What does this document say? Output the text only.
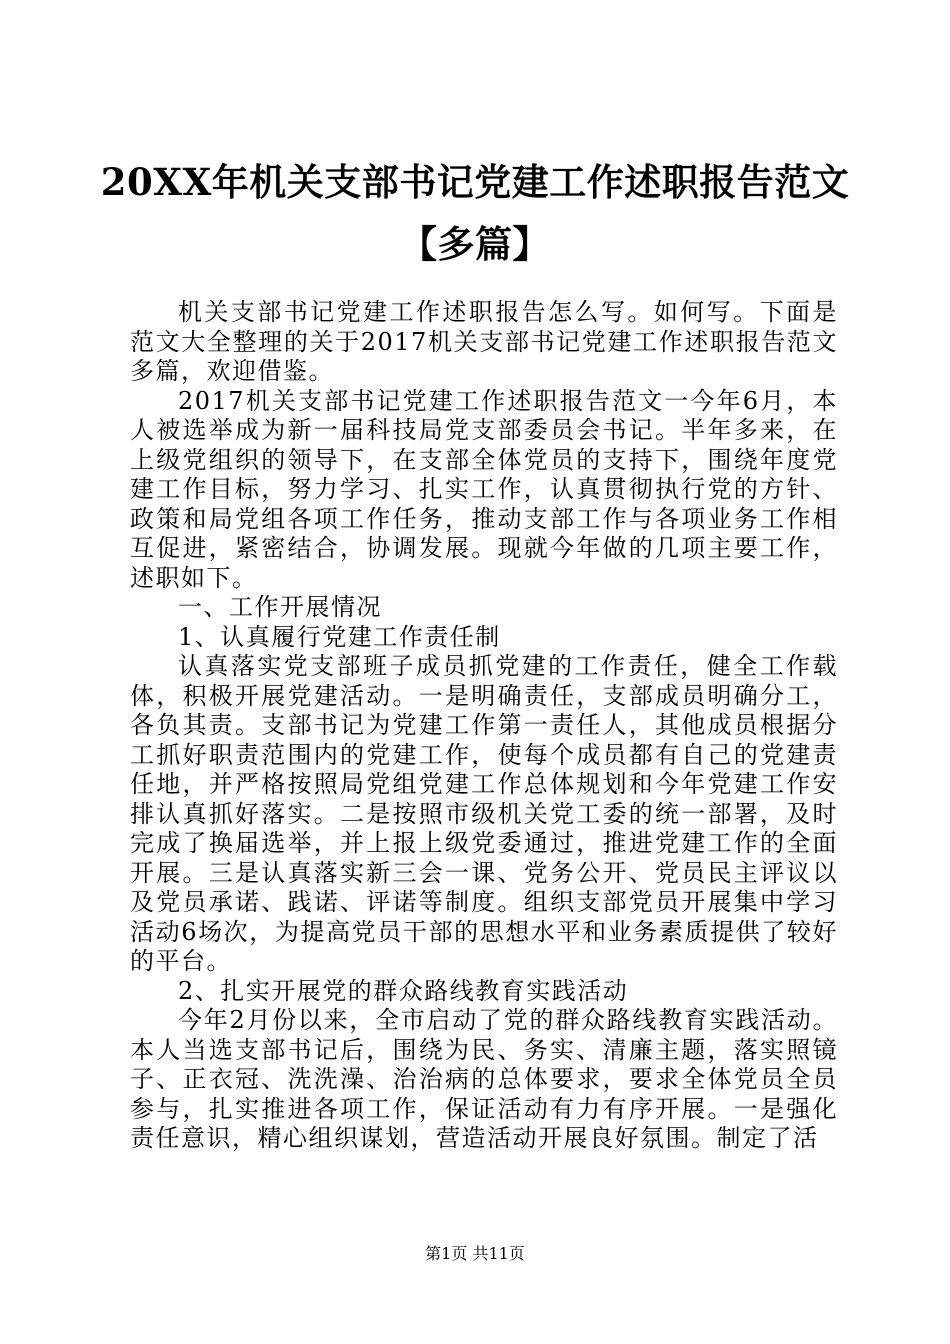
20XX年机关支部书记党建工作述职报告范文
【多篇】

机关支部书记党建工作述职报告怎么写。如何写。下面是范文大全整理的关于2017机关支部书记党建工作述职报告范文多篇，欢迎借鉴。

2017机关支部书记党建工作述职报告范文一今年6月，本人被选举成为新一届科技局党支部委员会书记。半年多来，在上级党组织的领导下，在支部全体党员的支持下，围绕年度党建工作目标，努力学习、扎实工作，认真贯彻执行党的方针、政策和局党组各项工作任务，推动支部工作与各项业务工作相互促进，紧密结合，协调发展。现就今年做的几项主要工作，述职如下。

一、工作开展情况

1、认真履行党建工作责任制

认真落实党支部班子成员抓党建的工作责任，健全工作载体，积极开展党建活动。一是明确责任，支部成员明确分工，各负其责。支部书记为党建工作第一责任人，其他成员根据分工抓好职责范围内的党建工作，使每个成员都有自己的党建责任地，并严格按照局党组党建工作总体规划和今年党建工作安排认真抓好落实。二是按照市级机关党工委的统一部署，及时完成了换届选举，并上报上级党委通过，推进党建工作的全面开展。三是认真落实新三会一课、党务公开、党员民主评议以及党员承诺、践诺、评诺等制度。组织支部党员开展集中学习活动6场次，为提高党员干部的思想水平和业务素质提供了较好的平台。

2、扎实开展党的群众路线教育实践活动

今年2月份以来，全市启动了党的群众路线教育实践活动。本人当选支部书记后，围绕为民、务实、清廉主题，落实照镜子、正衣冠、洗洗澡、治治病的总体要求，要求全体党员全员参与，扎实推进各项工作，保证活动有力有序开展。一是强化责任意识，精心组织谋划，营造活动开展良好氛围。制定了活

第1页 共11页
